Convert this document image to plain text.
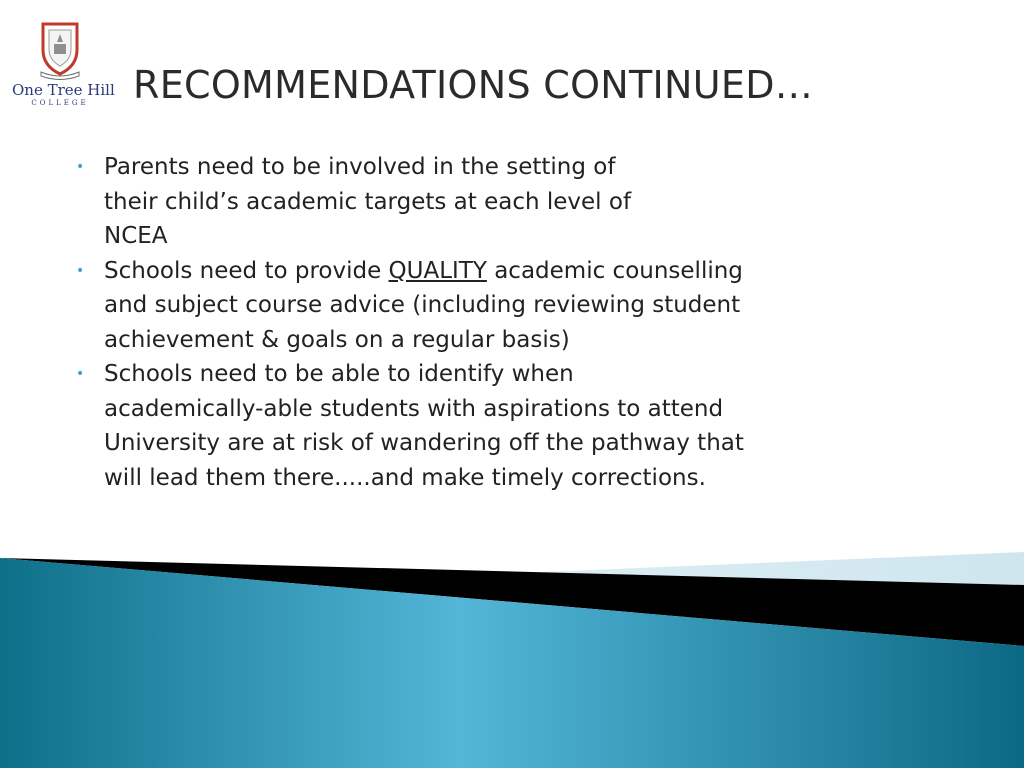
One Tree Hill
COLLEGE	RECOMMENDATIONS CONTINUED…
• Parents need to be involved in the setting of
their child’s academic targets at each level of
NCEA
• Schools need to provide QUALITY academic counselling
and subject course advice (including reviewing student
achievement & goals on a regular basis)
• Schools need to be able to identify when
academically-able students with aspirations to attend
University are at risk of wandering off the pathway that
will lead them there.....and make timely corrections.
